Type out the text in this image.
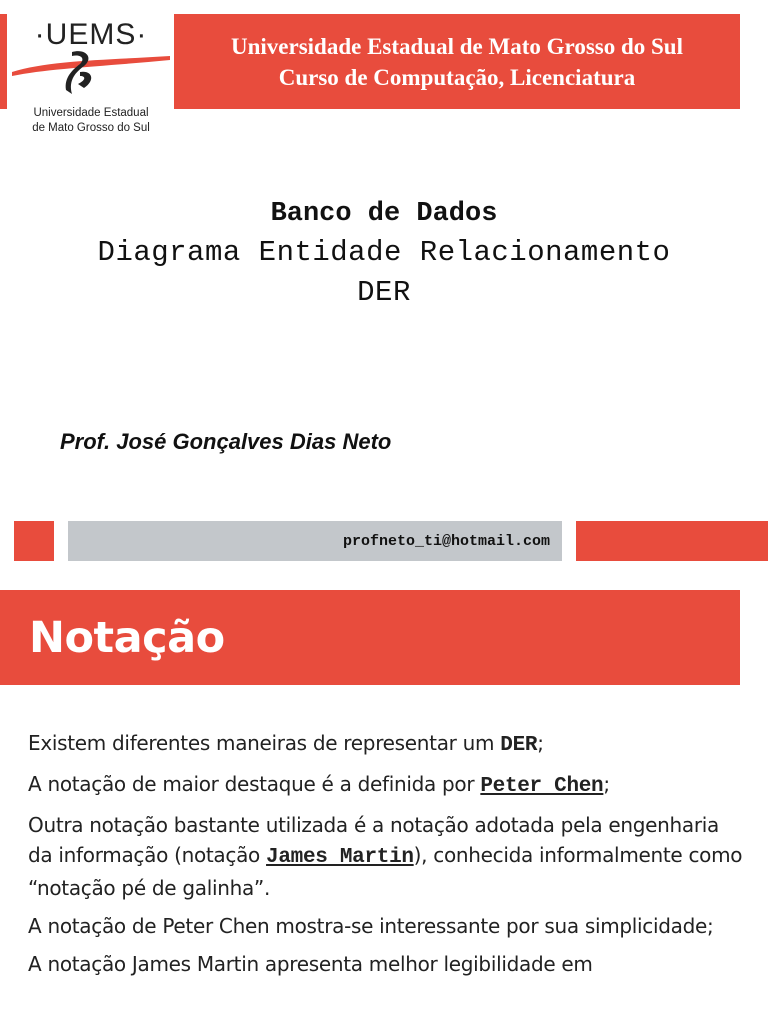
·UEMS·
Universidade Estadual
de Mato Grosso do Sul
Universidade Estadual de Mato Grosso do Sul
Curso de Computação, Licenciatura
Banco de Dados
Diagrama Entidade Relacionamento
DER
Prof. José Gonçalves Dias Neto
profneto_ti@hotmail.com
Notação
Existem diferentes maneiras de representar um DER;
A notação de maior destaque é a definida por Peter Chen;
Outra notação bastante utilizada é a notação adotada pela engenharia da informação (notação James Martin), conhecida informalmente como “notação pé de galinha”.
A notação de Peter Chen mostra-se interessante por sua simplicidade;
A notação James Martin apresenta melhor legibilidade em
